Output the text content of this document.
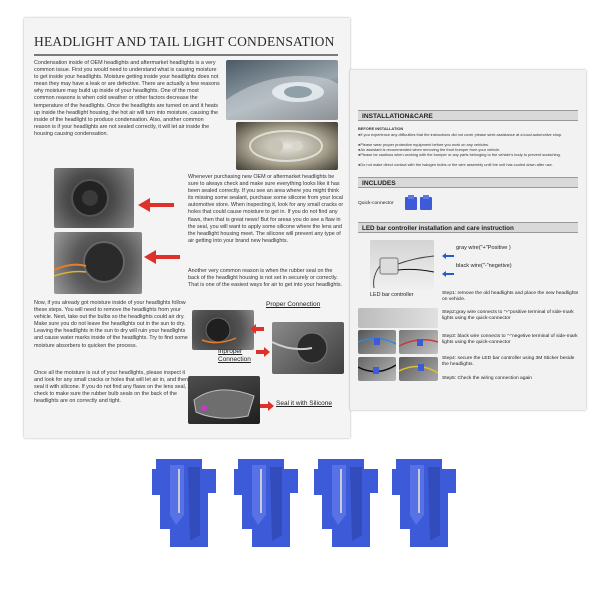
HEADLIGHT AND TAIL LIGHT CONDENSATION

Condensation inside of OEM headlights and aftermarket headlights is a very common issue. First you would need to understand what is causing moisture to get inside your headlights. Moisture getting inside your headlights does not mean they may have a leak or are defective. There are actually a few reasons why moisture may build up inside of your headlights. One of the most common reasons is when cold weather or other factors decrease the temperature of the headlights. Once the headlights are turned on and it heats up inside the headlight housing, the hot air will turn into moisture, causing the inside of the headlight to produce condensation. Also, another common reason is if your headlights are not sealed correctly, it will let air inside the housing causing condensation.

Whenever purchasing new OEM or aftermarket headlights be sure to always check and make sure everything looks like it has been sealed correctly. If you see an area where you might think its missing some sealant, purchase some silicone from your local automotive store. When inspecting it, look for any small cracks or holes that could cause moisture to get in. If you do not find any flaws, then that is great news! But for areas you do see a flaw in the seal, you will want to apply some silicone where the lens and the headlight housing meet. The silicone will prevent any type of air getting into your brand new headlights.

Another very common reason is when the rubber seal on the back of the headlight housing is not set in securely or correctly. That is one of the easiest ways for air to get into your headlights.

Now, if you already got moisture inside of your headlights follow these steps. You will need to remove the headlights from your vehicle. Next, take out the bulbs so the headlights could air dry. Make sure you do not leave the headlights out in the sun to dry. Leaving the headlights in the sun to dry will ruin your headlights and cause water marks inside of the headlights. Try to find some moisture absorbers to quicken the process.

Once all the moisture is out of your headlights, please inspect it and look for any small cracks or holes that will let air in, and then seal it with silicone. If you do not find any flaws on the lens seal, check to make sure the rubber bulb seals on the back of the headlights are on correctly and tight.

Proper Connection
Inproper Connection
Seal it with Silicone
INSTALLATION&CARE
BEFORE INSTALLATION

●If you experience any difficulties that the instructions did not cover please seek assistance at a local automotive shop.

●Please wear proper protective equipment before you work on any vehicles.

●An assistant is recommended when removing the front bumper from your vehicle.

●Please be cautious when working with the bumper or any parts belonging to the vehicle's body to prevent scratching.

●Do not make direct contact with the halogen bulbs or the wire assembly until the unit has cooled down after use.

INCLUDES
Quick-connector
LED bar controller installation and care instruction
gray wire("+"Positive )
black wire("-"negetive)
LED bar controller	Step1: remove the old headlights and place the new headlights on vehicle.

Step2:gray wire connects to "+"positive terminal of side-mark lights using the quick-connector

Step3: black wire connects to "-"negetive terminal of side-mark lights using the quick-connector

Step4: secure the LED bar controller using 3M Sticker beside the headlights.

Step5: Check the wiring connection again
